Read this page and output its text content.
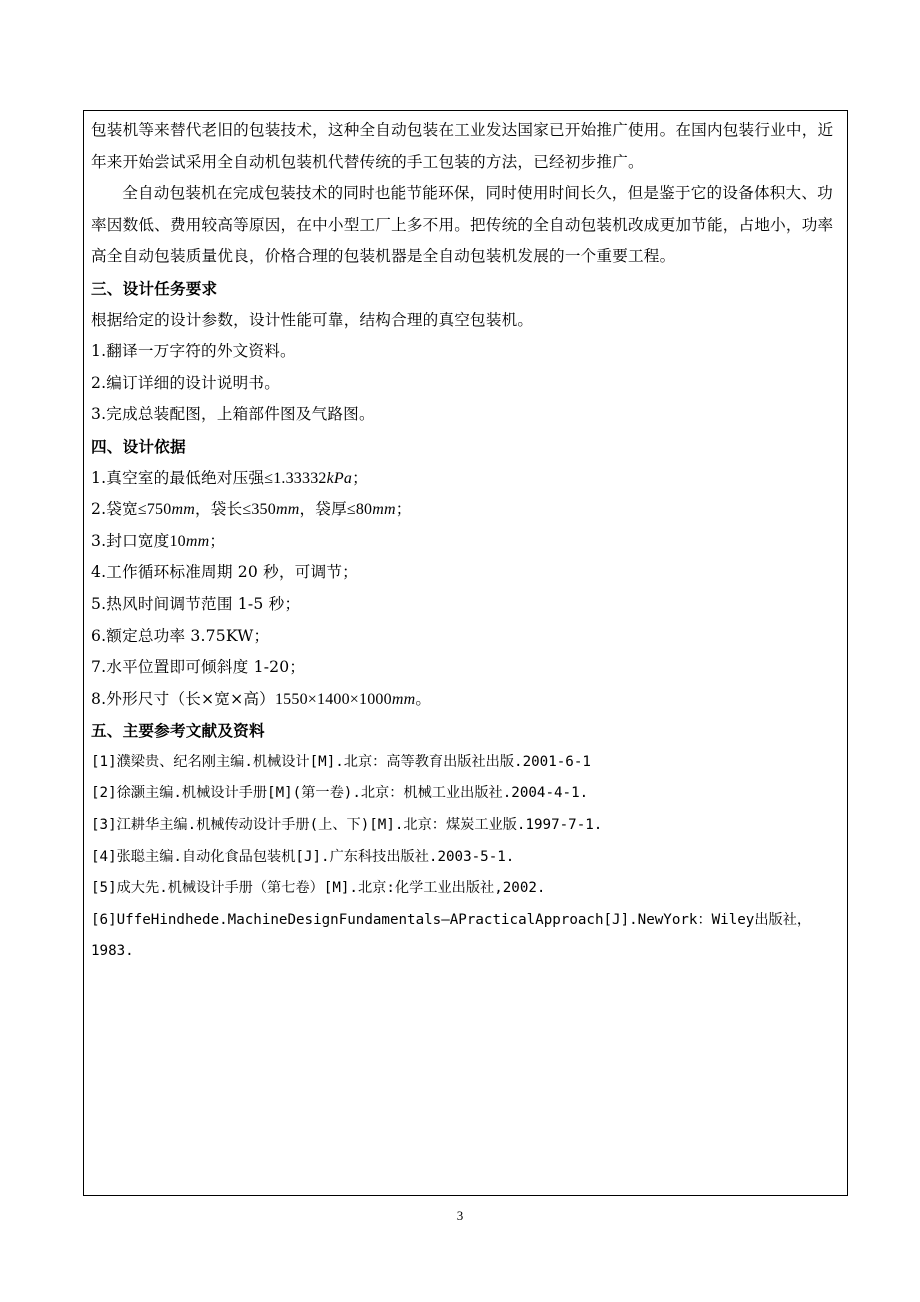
包装机等来替代老旧的包装技术，这种全自动包装在工业发达国家已开始推广使用。在国内包装行业中，近年来开始尝试采用全自动机包装机代替传统的手工包装的方法，已经初步推广。

全自动包装机在完成包装技术的同时也能节能环保，同时使用时间长久，但是鉴于它的设备体积大、功率因数低、费用较高等原因，在中小型工厂上多不用。把传统的全自动包装机改成更加节能，占地小，功率高全自动包装质量优良，价格合理的包装机器是全自动包装机发展的一个重要工程。

三、设计任务要求

根据给定的设计参数，设计性能可靠，结构合理的真空包装机。

1.翻译一万字符的外文资料。

2.编订详细的设计说明书。

3.完成总装配图，上箱部件图及气路图。

四、设计依据

1.真空室的最低绝对压强≤1.33332kPa；

2.袋宽≤750mm，袋长≤350mm，袋厚≤80mm；

3.封口宽度10mm；

4.工作循环标准周期 20 秒，可调节；

5.热风时间调节范围 1-5 秒；

6.额定总功率 3.75KW；

7.水平位置即可倾斜度 1-20；

8.外形尺寸（长×宽×高）1550×1400×1000mm。

五、主要参考文献及资料

[1]濮梁贵、纪名刚主编.机械设计[M].北京：高等教育出版社出版.2001-6-1

[2]徐灏主编.机械设计手册[M](第一卷).北京：机械工业出版社.2004-4-1.

[3]江耕华主编.机械传动设计手册(上、下)[M].北京：煤炭工业版.1997-7-1.

[4]张聪主编.自动化食品包装机[J].广东科技出版社.2003-5-1.

[5]成大先.机械设计手册（第七卷）[M].北京:化学工业出版社,2002.

[6]UffeHindhede.MachineDesignFundamentals—APracticalApproach[J].NewYork：Wiley出版社，1983.

3
